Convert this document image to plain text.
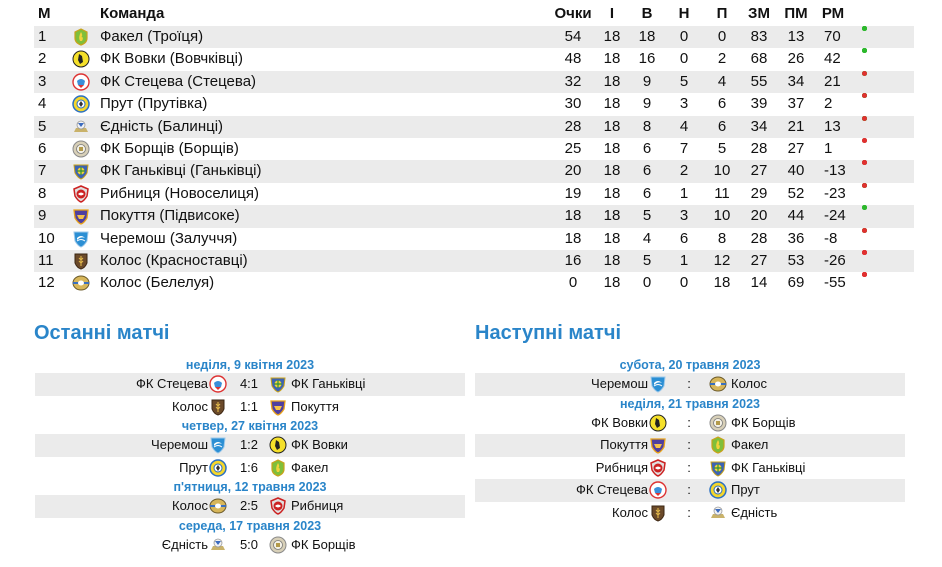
М	Команда	Очки	І	В	Н	П	ЗМ ПМ РМ
1	Факел (Троїця)	54	18	18	0	0	83	13	70
2	ФК Вовки (Вовчківці)	48	18	16	0	2	68	26	42
3	ФК Стецева (Стецева)	32	18	9	5	4	55	34	21
4	Прут (Прутівка)	30	18	9	3	6	39	37	2
5	Єдність (Балинці)	28	18	8	4	6	34	21	13
6	ФК Борщів (Борщів)	25	18	6	7	5	28	27	1
7	ФК Ганьківці (Ганьківці)	20	18	6	2	10	27	40	-13
8	Рибниця (Новоселиця)	19	18	6	1	11	29	52	-23
9	Покуття (Підвисоке)	18	18	5	3	10	20	44	-24
10	Черемош (Залуччя)	18	18	4	6	8	28	36	-8
11	Колос (Красноставці)	16	18	5	1	12	27	53	-26
12	Колос (Белелуя)	0	18	0	0	18	14	69	-55
Останні матчі
неділя, 9 квітня 2023
ФК Стецева	4:1	ФК Ганьківці
Колос	1:1	Покуття
четвер, 27 квітня 2023
Черемош	1:2	ФК Вовки
Прут	1:6	Факел
п'ятниця, 12 травня 2023
Колос	2:5	Рибниця
середа, 17 травня 2023
Єдність	5:0	ФК Борщів
Наступні матчі
субота, 20 травня 2023
Черемош	:	Колос
неділя, 21 травня 2023
ФК Вовки	:	ФК Борщів
Покуття	:	Факел
Рибниця	:	ФК Ганьківці
ФК Стецева	:	Прут
Колос	:	Єдність
